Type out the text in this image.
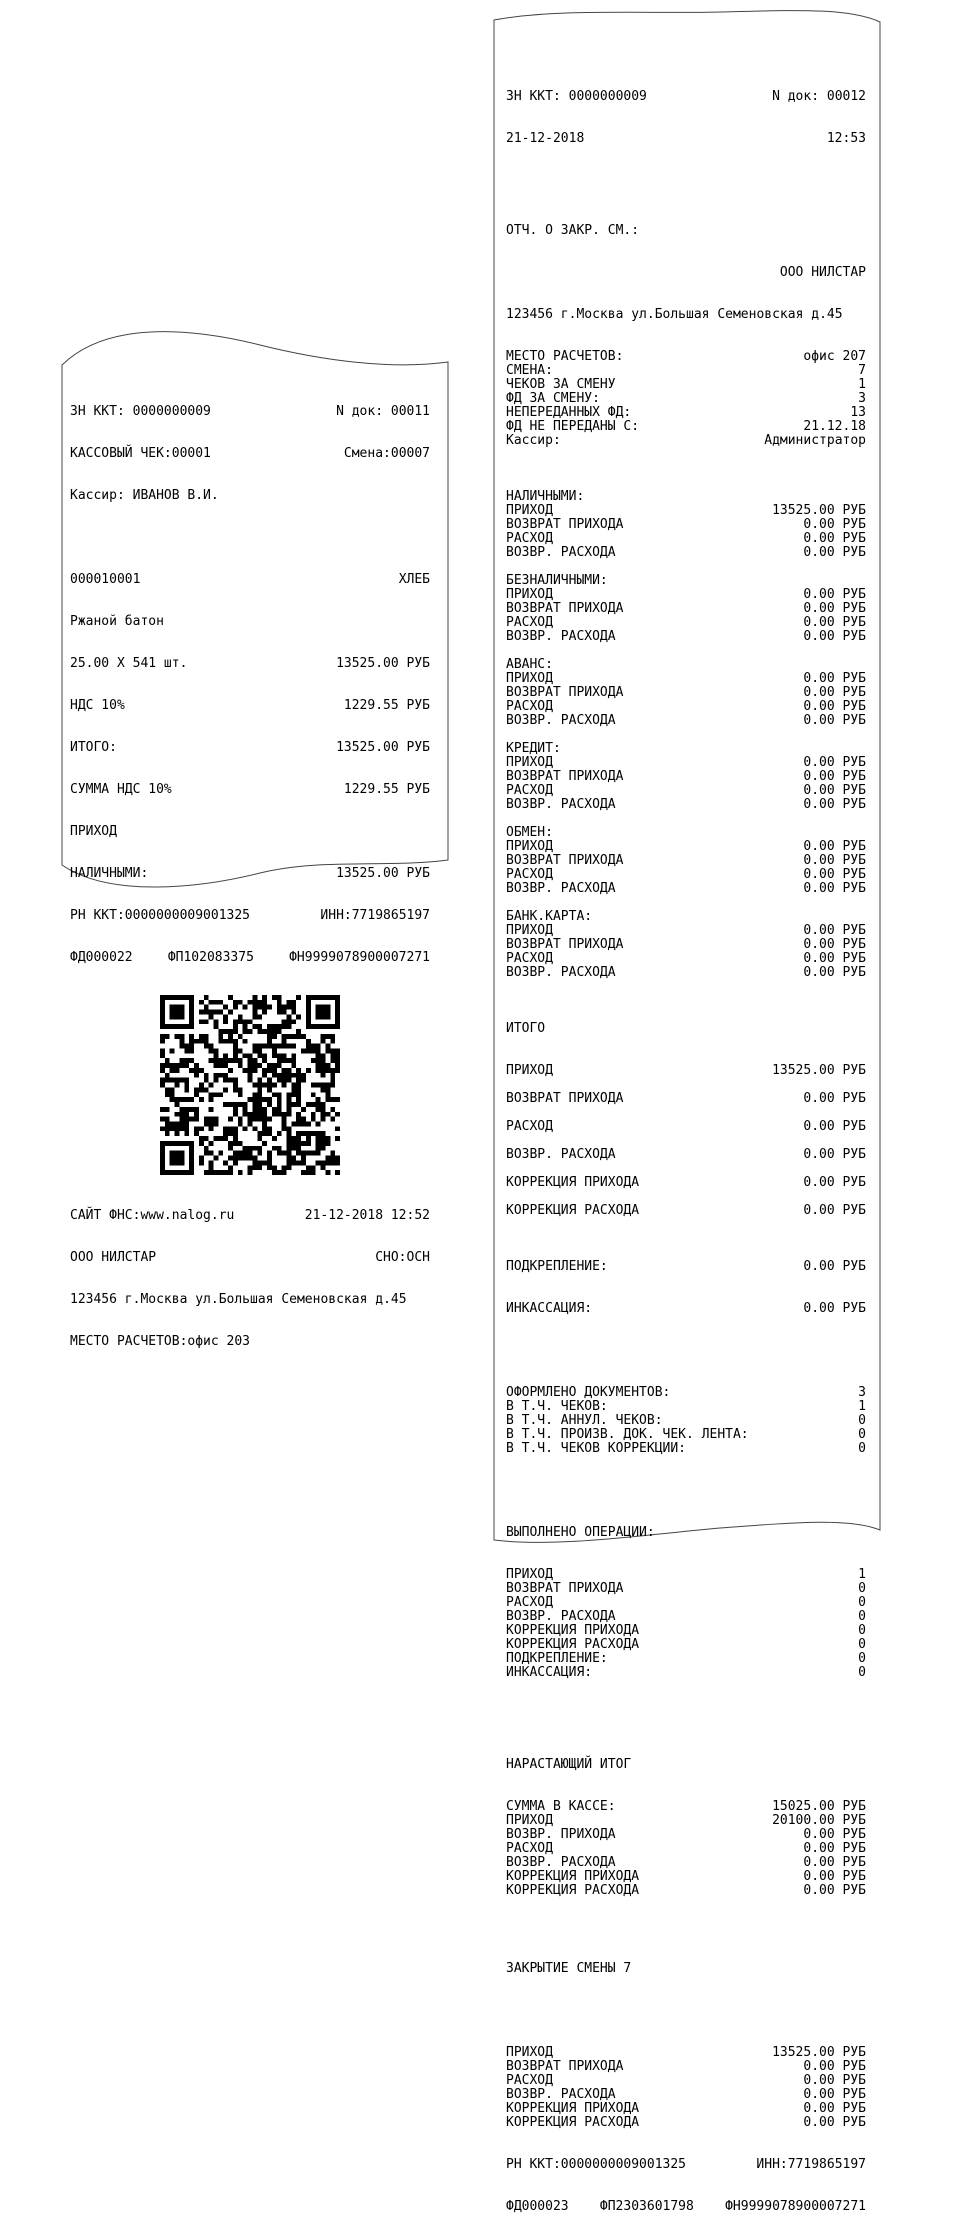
ЗН ККТ: 0000000009	N док: 00011

КАССОВЫЙ ЧЕК:00001	Смена:00007

Кассир: ИВАНОВ В.И.

000010001	ХЛЕБ

Ржаной батон

25.00 X 541 шт.	13525.00 РУБ

НДС 10%	1229.55 РУБ

ИТОГО:	13525.00 РУБ

СУММА НДС 10%	1229.55 РУБ

ПРИХОД

НАЛИЧНЫМИ:	13525.00 РУБ

РН ККТ:0000000009001325	ИНН:7719865197

ФД000022	ФП102083375	ФН9999078900007271

САЙТ ФНС:www.nalog.ru	21-12-2018 12:52

ООО НИЛСТАР	СНО:ОСН

123456 г.Москва ул.Большая Семеновская д.45

МЕСТО РАСЧЕТОВ:офис 203

ЗН ККТ: 0000000009	N док: 00012

21-12-2018	12:53

ОТЧ. О ЗАКР. СМ.:

ООО НИЛСТАР

123456 г.Москва ул.Большая Семеновская д.45

МЕСТО РАСЧЕТОВ:	офис 207
СМЕНА:	7
ЧЕКОВ ЗА СМЕНУ	1
ФД ЗА СМЕНУ:	3
НЕПЕРЕДАННЫХ ФД:	13
ФД НЕ ПЕРЕДАНЫ С:	21.12.18
Кассир:	Администратор

НАЛИЧНЫМИ:
ПРИХОД	13525.00 РУБ
ВОЗВРАТ ПРИХОДА	0.00 РУБ
РАСХОД	0.00 РУБ
ВОЗВР. РАСХОДА	0.00 РУБ
БЕЗНАЛИЧНЫМИ:
ПРИХОД	0.00 РУБ
ВОЗВРАТ ПРИХОДА	0.00 РУБ
РАСХОД	0.00 РУБ
ВОЗВР. РАСХОДА	0.00 РУБ
АВАНС:
ПРИХОД	0.00 РУБ
ВОЗВРАТ ПРИХОДА	0.00 РУБ
РАСХОД	0.00 РУБ
ВОЗВР. РАСХОДА	0.00 РУБ
КРЕДИТ:
ПРИХОД	0.00 РУБ
ВОЗВРАТ ПРИХОДА	0.00 РУБ
РАСХОД	0.00 РУБ
ВОЗВР. РАСХОДА	0.00 РУБ
ОБМЕН:
ПРИХОД	0.00 РУБ
ВОЗВРАТ ПРИХОДА	0.00 РУБ
РАСХОД	0.00 РУБ
ВОЗВР. РАСХОДА	0.00 РУБ
БАНК.КАРТА:
ПРИХОД	0.00 РУБ
ВОЗВРАТ ПРИХОДА	0.00 РУБ
РАСХОД	0.00 РУБ
ВОЗВР. РАСХОДА	0.00 РУБ

ИТОГО

ПРИХОД	13525.00 РУБ
ВОЗВРАТ ПРИХОДА	0.00 РУБ
РАСХОД	0.00 РУБ
ВОЗВР. РАСХОДА	0.00 РУБ
КОРРЕКЦИЯ ПРИХОДА	0.00 РУБ
КОРРЕКЦИЯ РАСХОДА	0.00 РУБ

ПОДКРЕПЛЕНИЕ:	0.00 РУБ

ИНКАССАЦИЯ:	0.00 РУБ

ОФОРМЛЕНО ДОКУМЕНТОВ:	3
В Т.Ч. ЧЕКОВ:	1
В Т.Ч. АННУЛ. ЧЕКОВ:	0
В Т.Ч. ПРОИЗВ. ДОК. ЧЕК. ЛЕНТА:	0
В Т.Ч. ЧЕКОВ КОРРЕКЦИИ:	0

ВЫПОЛНЕНО ОПЕРАЦИИ:

ПРИХОД	1
ВОЗВРАТ ПРИХОДА	0
РАСХОД	0
ВОЗВР. РАСХОДА	0
КОРРЕКЦИЯ ПРИХОДА	0
КОРРЕКЦИЯ РАСХОДА	0
ПОДКРЕПЛЕНИЕ:	0
ИНКАССАЦИЯ:	0

НАРАСТАЮЩИЙ ИТОГ

СУММА В КАССЕ:	15025.00 РУБ
ПРИХОД	20100.00 РУБ
ВОЗВР. ПРИХОДА	0.00 РУБ
РАСХОД	0.00 РУБ
ВОЗВР. РАСХОДА	0.00 РУБ
КОРРЕКЦИЯ ПРИХОДА	0.00 РУБ
КОРРЕКЦИЯ РАСХОДА	0.00 РУБ

ЗАКРЫТИЕ СМЕНЫ 7

ПРИХОД	13525.00 РУБ
ВОЗВРАТ ПРИХОДА	0.00 РУБ
РАСХОД	0.00 РУБ
ВОЗВР. РАСХОДА	0.00 РУБ
КОРРЕКЦИЯ ПРИХОДА	0.00 РУБ
КОРРЕКЦИЯ РАСХОДА	0.00 РУБ

РН ККТ:0000000009001325	ИНН:7719865197

ФД000023 ФП2303601798 ФН9999078900007271
